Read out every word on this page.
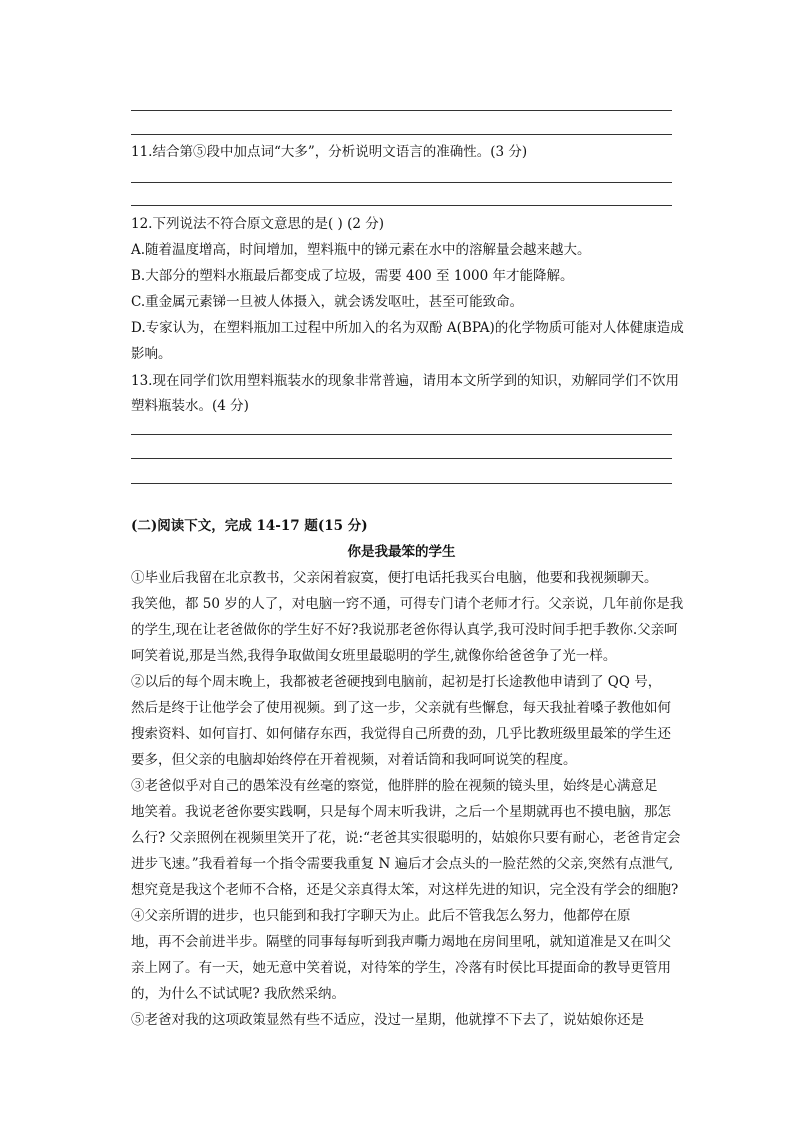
11.结合第⑤段中加点词“大多”，分析说明文语言的准确性。(3 分)
12.下列说法不符合原文意思的是( ) (2 分)
A.随着温度增高，时间增加，塑料瓶中的锑元素在水中的溶解量会越来越大。
B.大部分的塑料水瓶最后都变成了垃圾，需要 400 至 1000 年才能降解。
C.重金属元素锑一旦被人体摄入，就会诱发呕吐，甚至可能致命。
D.专家认为，在塑料瓶加工过程中所加入的名为双酚 A(BPA)的化学物质可能对人体健康造成
影响。
13.现在同学们饮用塑料瓶装水的现象非常普遍，请用本文所学到的知识，劝解同学们不饮用
塑料瓶装水。(4 分)
(二)阅读下文，完成 14-17 题(15 分)
你是我最笨的学生
①毕业后我留在北京教书，父亲闲着寂寞，便打电话托我买台电脑，他要和我视频聊天。
我笑他，都 50 岁的人了，对电脑一窍不通，可得专门请个老师才行。父亲说，几年前你是我
的学生,现在让老爸做你的学生好不好?我说那老爸你得认真学,我可没时间手把手教你.父亲呵
呵笑着说,那是当然,我得争取做闺女班里最聪明的学生,就像你给爸爸争了光一样。
②以后的每个周末晚上，我都被老爸硬拽到电脑前，起初是打长途教他申请到了 QQ 号，
然后是终于让他学会了使用视频。到了这一步，父亲就有些懈怠，每天我扯着嗓子教他如何
搜索资料、如何盲打、如何储存东西，我觉得自己所费的劲，几乎比教班级里最笨的学生还
要多，但父亲的电脑却始终停在开着视频，对着话筒和我呵呵说笑的程度。
③老爸似乎对自己的愚笨没有丝毫的察觉，他胖胖的脸在视频的镜头里，始终是心满意足
地笑着。我说老爸你要实践啊，只是每个周末听我讲，之后一个星期就再也不摸电脑，那怎
么行? 父亲照例在视频里笑开了花，说:“老爸其实很聪明的，姑娘你只要有耐心，老爸肯定会
进步飞速。”我看着每一个指令需要我重复 N 遍后才会点头的一脸茫然的父亲,突然有点泄气,
想究竟是我这个老师不合格，还是父亲真得太笨，对这样先进的知识，完全没有学会的细胞?
④父亲所谓的进步，也只能到和我打字聊天为止。此后不管我怎么努力，他都停在原
地，再不会前进半步。隔壁的同事每每听到我声嘶力竭地在房间里吼，就知道准是又在叫父
亲上网了。有一天，她无意中笑着说，对待笨的学生，冷落有时侯比耳提面命的教导更管用
的，为什么不试试呢? 我欣然采纳。
⑤老爸对我的这项政策显然有些不适应，没过一星期，他就撑不下去了，说姑娘你还是
